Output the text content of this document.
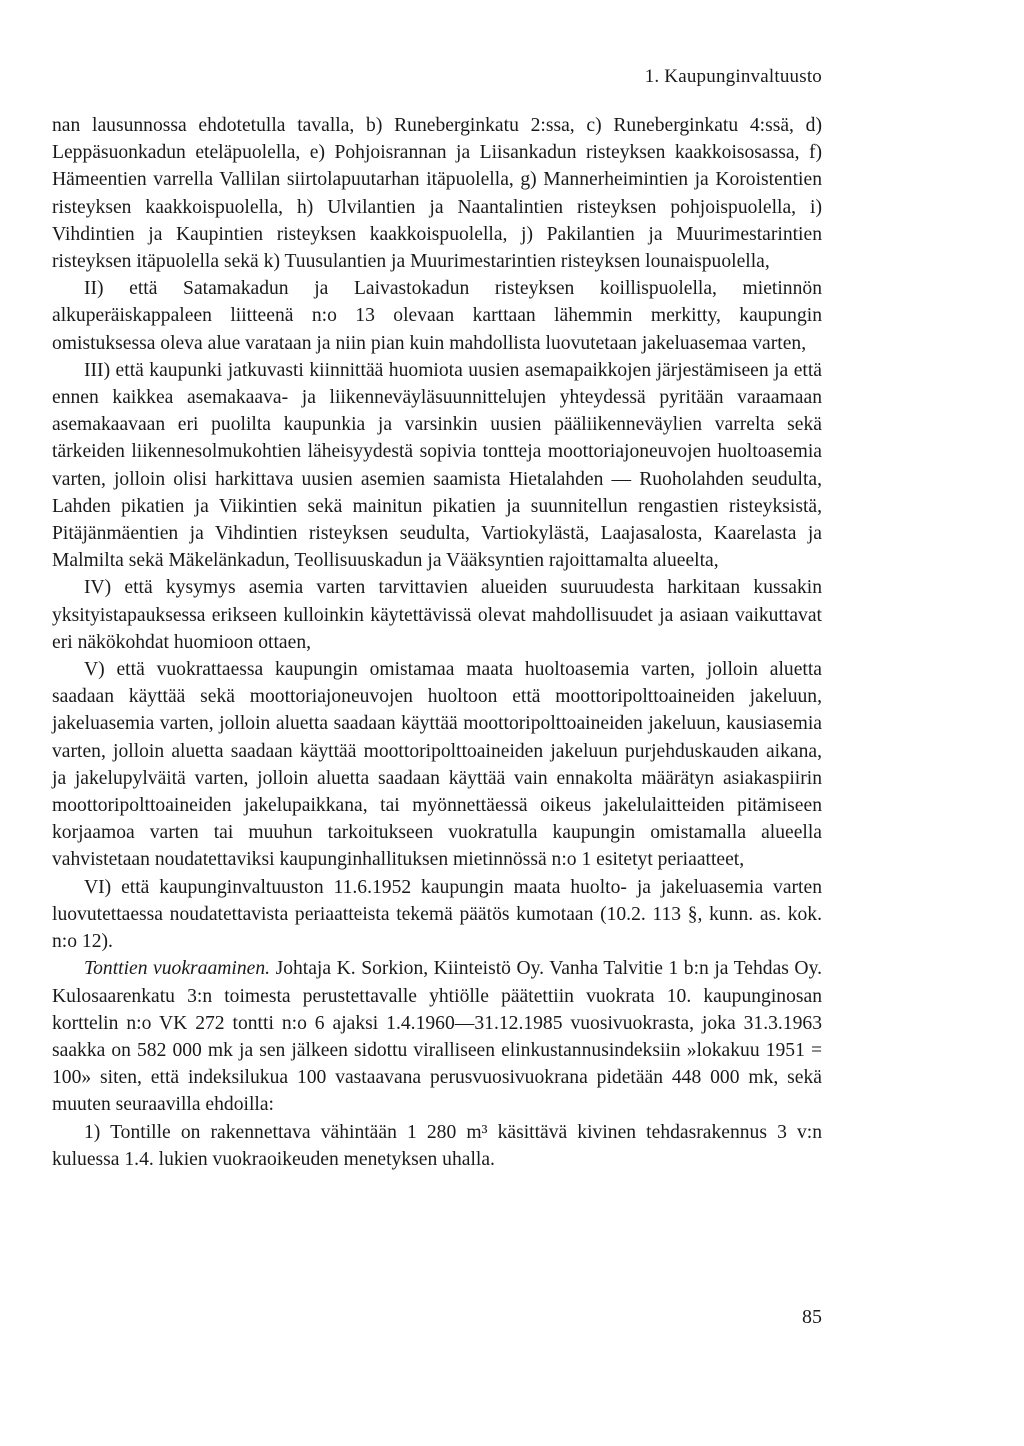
1. Kaupunginvaltuusto

nan lausunnossa ehdotetulla tavalla, b) Runeberginkatu 2:ssa, c) Runeberginkatu 4:ssä, d) Leppäsuonkadun eteläpuolella, e) Pohjoisrannan ja Liisankadun risteyksen kaakkoisosassa, f) Hämeentien varrella Vallilan siirtolapuutarhan itäpuolella, g) Mannerheimintien ja Koroistentien risteyksen kaakkoispuolella, h) Ulvilantien ja Naantalintien risteyksen pohjoispuolella, i) Vihdintien ja Kaupintien risteyksen kaakkoispuolella, j) Pakilantien ja Muurimestarintien risteyksen itäpuolella sekä k) Tuusulantien ja Muurimestarintien risteyksen lounaispuolella,

II) että Satamakadun ja Laivastokadun risteyksen koillispuolella, mietinnön alkuperäiskappaleen liitteenä n:o 13 olevaan karttaan lähemmin merkitty, kaupungin omistuksessa oleva alue varataan ja niin pian kuin mahdollista luovutetaan jakeluasemaa varten,

III) että kaupunki jatkuvasti kiinnittää huomiota uusien asemapaikkojen järjestämiseen ja että ennen kaikkea asemakaava- ja liikenneväyläsuunnittelujen yhteydessä pyritään varaamaan asemakaavaan eri puolilta kaupunkia ja varsinkin uusien pääliikenneväylien varrelta sekä tärkeiden liikennesolmukohtien läheisyydestä sopivia tontteja moottoriajoneuvojen huoltoasemia varten, jolloin olisi harkittava uusien asemien saamista Hietalahden — Ruoholahden seudulta, Lahden pikatien ja Viikintien sekä mainitun pikatien ja suunnitellun rengastien risteyksistä, Pitäjänmäentien ja Vihdintien risteyksen seudulta, Vartiokylästä, Laajasalosta, Kaarelasta ja Malmilta sekä Mäkelänkadun, Teollisuuskadun ja Vääksyntien rajoittamalta alueelta,

IV) että kysymys asemia varten tarvittavien alueiden suuruudesta harkitaan kussakin yksityistapauksessa erikseen kulloinkin käytettävissä olevat mahdollisuudet ja asiaan vaikuttavat eri näkökohdat huomioon ottaen,

V) että vuokrattaessa kaupungin omistamaa maata huoltoasemia varten, jolloin aluetta saadaan käyttää sekä moottoriajoneuvojen huoltoon että moottoripolttoaineiden jakeluun, jakeluasemia varten, jolloin aluetta saadaan käyttää moottoripolttoaineiden jakeluun, kausiasemia varten, jolloin aluetta saadaan käyttää moottoripolttoaineiden jakeluun purjehduskauden aikana, ja jakelupylväitä varten, jolloin aluetta saadaan käyttää vain ennakolta määrätyn asiakaspiirin moottoripolttoaineiden jakelupaikkana, tai myönnettäessä oikeus jakelulaitteiden pitämiseen korjaamoa varten tai muuhun tarkoitukseen vuokratulla kaupungin omistamalla alueella vahvistetaan noudatettaviksi kaupunginhallituksen mietinnössä n:o 1 esitetyt periaatteet,

VI) että kaupunginvaltuuston 11.6.1952 kaupungin maata huolto- ja jakeluasemia varten luovutettaessa noudatettavista periaatteista tekemä päätös kumotaan (10.2. 113 §, kunn. as. kok. n:o 12).

Tonttien vuokraaminen. Johtaja K. Sorkion, Kiinteistö Oy. Vanha Talvitie 1 b:n ja Tehdas Oy. Kulosaarenkatu 3:n toimesta perustettavalle yhtiölle päätettiin vuokrata 10. kaupunginosan korttelin n:o VK 272 tontti n:o 6 ajaksi 1.4.1960—31.12.1985 vuosivuokrasta, joka 31.3.1963 saakka on 582 000 mk ja sen jälkeen sidottu viralliseen elinkustannusindeksiin »lokakuu 1951 = 100» siten, että indeksilukua 100 vastaavana perusvuosivuokrana pidetään 448 000 mk, sekä muuten seuraavilla ehdoilla:

1) Tontille on rakennettava vähintään 1 280 m³ käsittävä kivinen tehdasrakennus 3 v:n kuluessa 1.4. lukien vuokraoikeuden menetyksen uhalla.

85
